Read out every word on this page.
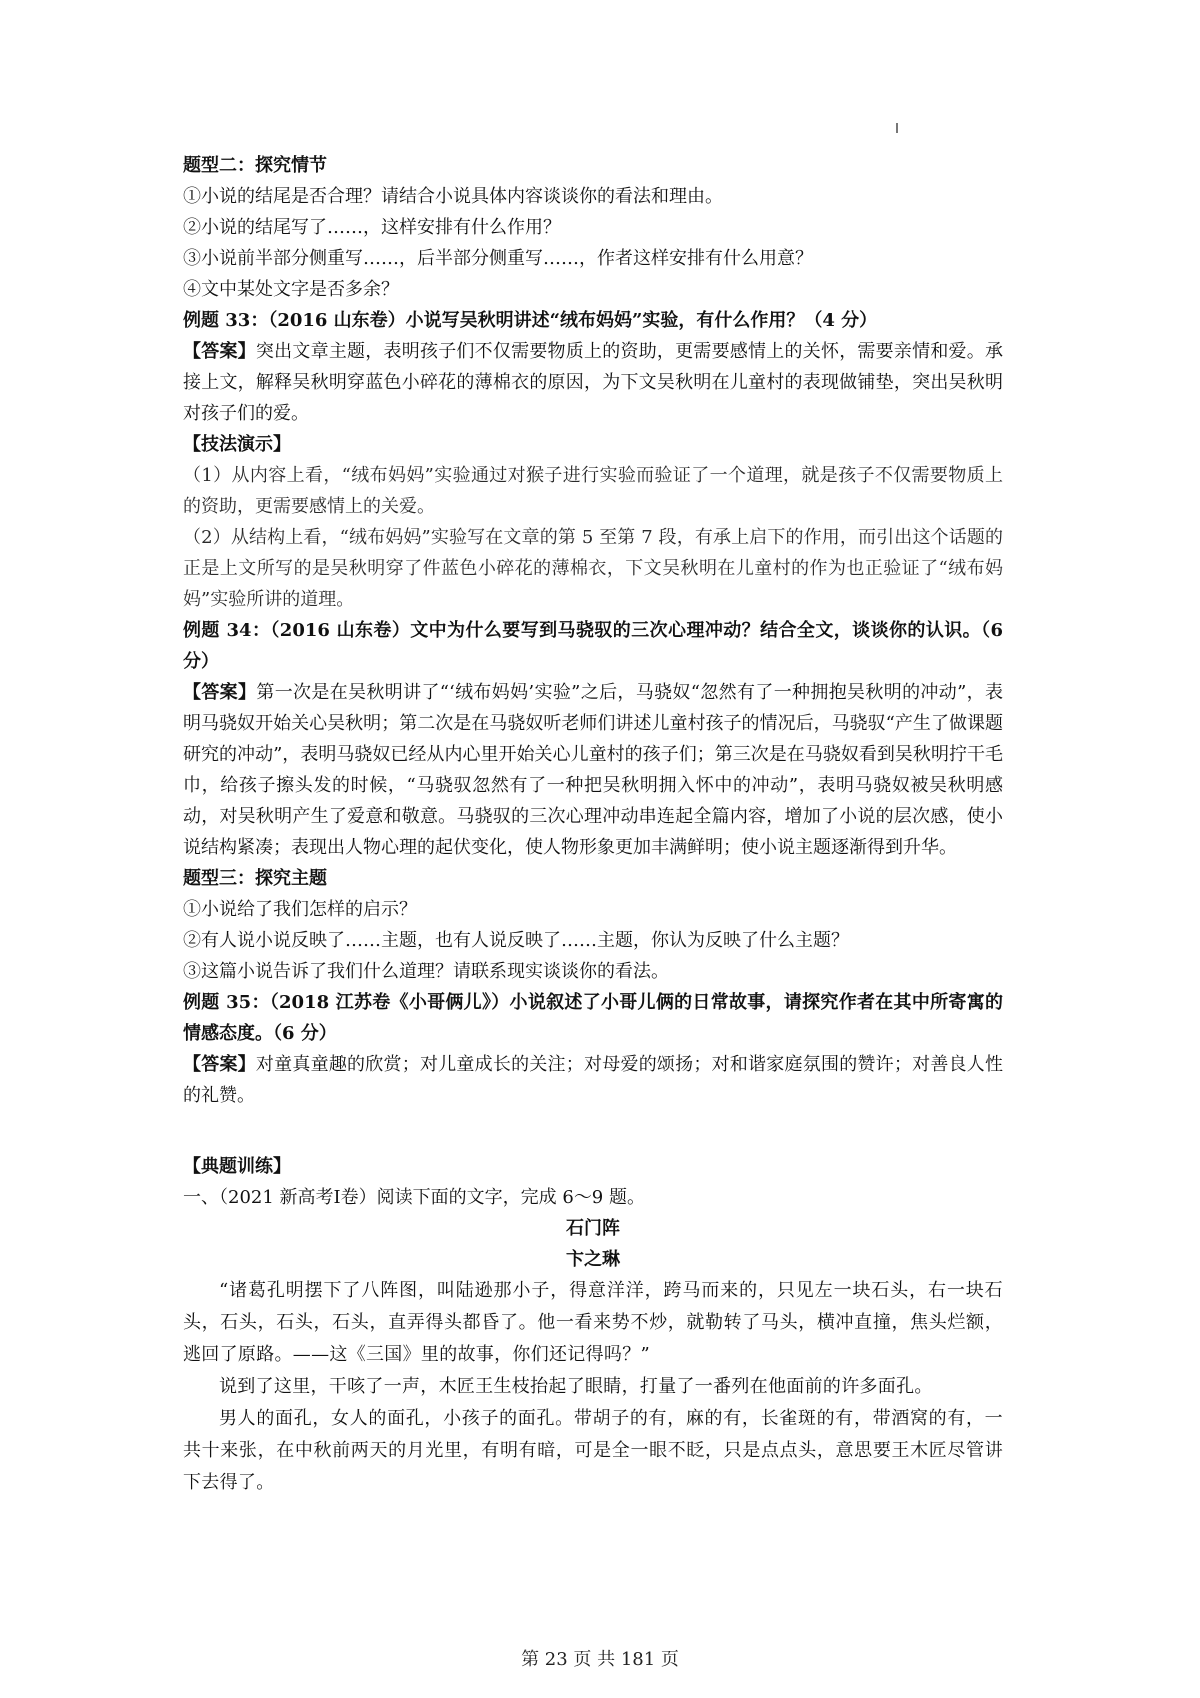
题型二：探究情节
①小说的结尾是否合理？请结合小说具体内容谈谈你的看法和理由。
②小说的结尾写了……，这样安排有什么作用？
③小说前半部分侧重写……，后半部分侧重写……，作者这样安排有什么用意？
④文中某处文字是否多余？
例题 33：（2016 山东卷）小说写吴秋明讲述“绒布妈妈”实验，有什么作用？（4 分）
【答案】突出文章主题，表明孩子们不仅需要物质上的资助，更需要感情上的关怀，需要亲情和爱。承接上文，解释吴秋明穿蓝色小碎花的薄棉衣的原因，为下文吴秋明在儿童村的表现做铺垫，突出吴秋明对孩子们的爱。
【技法演示】
（1）从内容上看，“绒布妈妈”实验通过对猴子进行实验而验证了一个道理，就是孩子不仅需要物质上的资助，更需要感情上的关爱。
（2）从结构上看，“绒布妈妈”实验写在文章的第 5 至第 7 段，有承上启下的作用，而引出这个话题的正是上文所写的是吴秋明穿了件蓝色小碎花的薄棉衣，下文吴秋明在儿童村的作为也正验证了“绒布妈妈”实验所讲的道理。
例题 34：（2016 山东卷）文中为什么要写到马骁驭的三次心理冲动？结合全文，谈谈你的认识。（6 分）
【答案】第一次是在吴秋明讲了“‘绒布妈妈’实验”之后，马骁奴“忽然有了一种拥抱吴秋明的冲动”，表明马骁奴开始关心吴秋明；第二次是在马骁奴听老师们讲述儿童村孩子的情况后，马骁驭“产生了做课题研究的冲动”，表明马骁奴已经从内心里开始关心儿童村的孩子们；第三次是在马骁奴看到吴秋明拧干毛巾，给孩子擦头发的时候，“马骁驭忽然有了一种把吴秋明拥入怀中的冲动”，表明马骁奴被吴秋明感动，对吴秋明产生了爱意和敬意。马骁驭的三次心理冲动串连起全篇内容，增加了小说的层次感，使小说结构紧凑；表现出人物心理的起伏变化，使人物形象更加丰满鲜明；使小说主题逐渐得到升华。
题型三：探究主题
①小说给了我们怎样的启示？
②有人说小说反映了……主题，也有人说反映了……主题，你认为反映了什么主题？
③这篇小说告诉了我们什么道理？请联系现实谈谈你的看法。
例题 35：（2018 江苏卷《小哥俩儿》）小说叙述了小哥儿俩的日常故事，请探究作者在其中所寄寓的情感态度。（6 分）
【答案】对童真童趣的欣赏；对儿童成长的关注；对母爱的颂扬；对和谐家庭氛围的赞许；对善良人性的礼赞。
【典题训练】
一、（2021 新高考Ⅰ卷）阅读下面的文字，完成 6～9 题。
石门阵
卞之琳
“诸葛孔明摆下了八阵图，叫陆逊那小子，得意洋洋，跨马而来的，只见左一块石头，右一块石头，石头，石头，石头，直弄得头都昏了。他一看来势不炒，就勒转了马头，横冲直撞，焦头烂额，逃回了原路。——这《三国》里的故事，你们还记得吗？”
说到了这里，干咳了一声，木匠王生枝抬起了眼睛，打量了一番列在他面前的许多面孔。
男人的面孔，女人的面孔，小孩子的面孔。带胡子的有，麻的有，长雀斑的有，带酒窝的有，一共十来张，在中秋前两天的月光里，有明有暗，可是全一眼不眨，只是点点头，意思要王木匠尽管讲下去得了。
第 23 页 共 181 页
